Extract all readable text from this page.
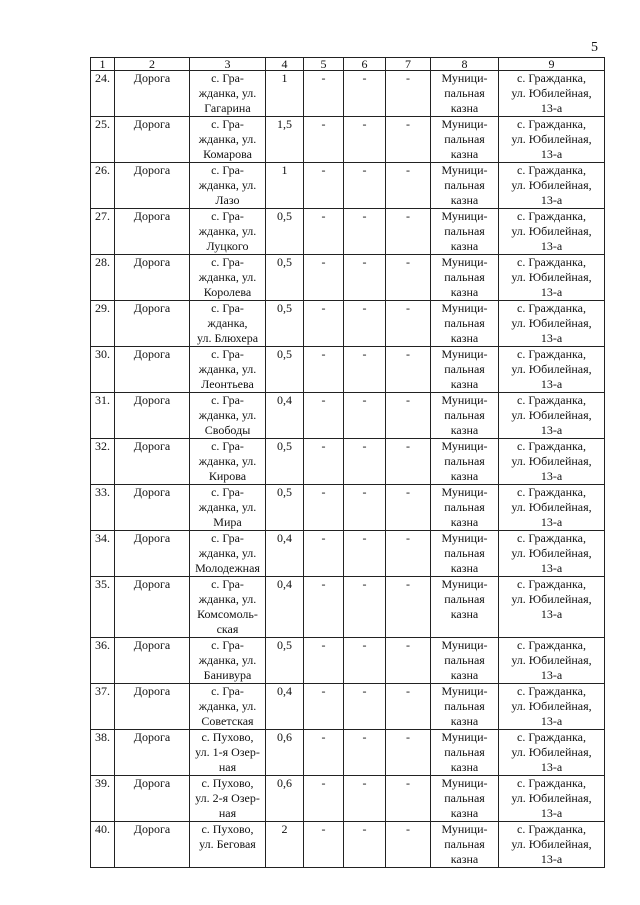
5
1	2	3	4	5	6	7	8	9

24.	Дорога	с. Гра-
жданка, ул.
Гагарина	1	-	-	-	Муници-
пальная
казна	с. Гражданка,
ул. Юбилейная,
13-а

25.	Дорога	с. Гра-
жданка, ул.
Комарова	1,5	-	-	-	Муници-
пальная
казна	с. Гражданка,
ул. Юбилейная,
13-а

26.	Дорога	с. Гра-
жданка, ул.
Лазо	1	-	-	-	Муници-
пальная
казна	с. Гражданка,
ул. Юбилейная,
13-а

27.	Дорога	с. Гра-
жданка, ул.
Луцкого	0,5	-	-	-	Муници-
пальная
казна	с. Гражданка,
ул. Юбилейная,
13-а

28.	Дорога	с. Гра-
жданка, ул.
Королева	0,5	-	-	-	Муници-
пальная
казна	с. Гражданка,
ул. Юбилейная,
13-а

29.	Дорога	с. Гра-
жданка,
ул. Блюхера	0,5	-	-	-	Муници-
пальная
казна	с. Гражданка,
ул. Юбилейная,
13-а

30.	Дорога	с. Гра-
жданка, ул.
Леонтьева	0,5	-	-	-	Муници-
пальная
казна	с. Гражданка,
ул. Юбилейная,
13-а

31.	Дорога	с. Гра-
жданка, ул.
Свободы	0,4	-	-	-	Муници-
пальная
казна	с. Гражданка,
ул. Юбилейная,
13-а

32.	Дорога	с. Гра-
жданка, ул.
Кирова	0,5	-	-	-	Муници-
пальная
казна	с. Гражданка,
ул. Юбилейная,
13-а

33.	Дорога	с. Гра-
жданка, ул.
Мира	0,5	-	-	-	Муници-
пальная
казна	с. Гражданка,
ул. Юбилейная,
13-а

34.	Дорога	с. Гра-
жданка, ул.
Молодежная	0,4	-	-	-	Муници-
пальная
казна	с. Гражданка,
ул. Юбилейная,
13-а

35.	Дорога	с. Гра-
жданка, ул.
Комсомоль-
ская	0,4	-	-	-	Муници-
пальная
казна	с. Гражданка,
ул. Юбилейная,
13-а

36.	Дорога	с. Гра-
жданка, ул.
Банивура	0,5	-	-	-	Муници-
пальная
казна	с. Гражданка,
ул. Юбилейная,
13-а

37.	Дорога	с. Гра-
жданка, ул.
Советская	0,4	-	-	-	Муници-
пальная
казна	с. Гражданка,
ул. Юбилейная,
13-а

38.	Дорога	с. Пухово,
ул. 1-я Озер-
ная	0,6	-	-	-	Муници-
пальная
казна	с. Гражданка,
ул. Юбилейная,
13-а

39.	Дорога	с. Пухово,
ул. 2-я Озер-
ная	0,6	-	-	-	Муници-
пальная
казна	с. Гражданка,
ул. Юбилейная,
13-а

40.	Дорога	с. Пухово,
ул. Беговая	2	-	-	-	Муници-
пальная
казна	с. Гражданка,
ул. Юбилейная,
13-а
